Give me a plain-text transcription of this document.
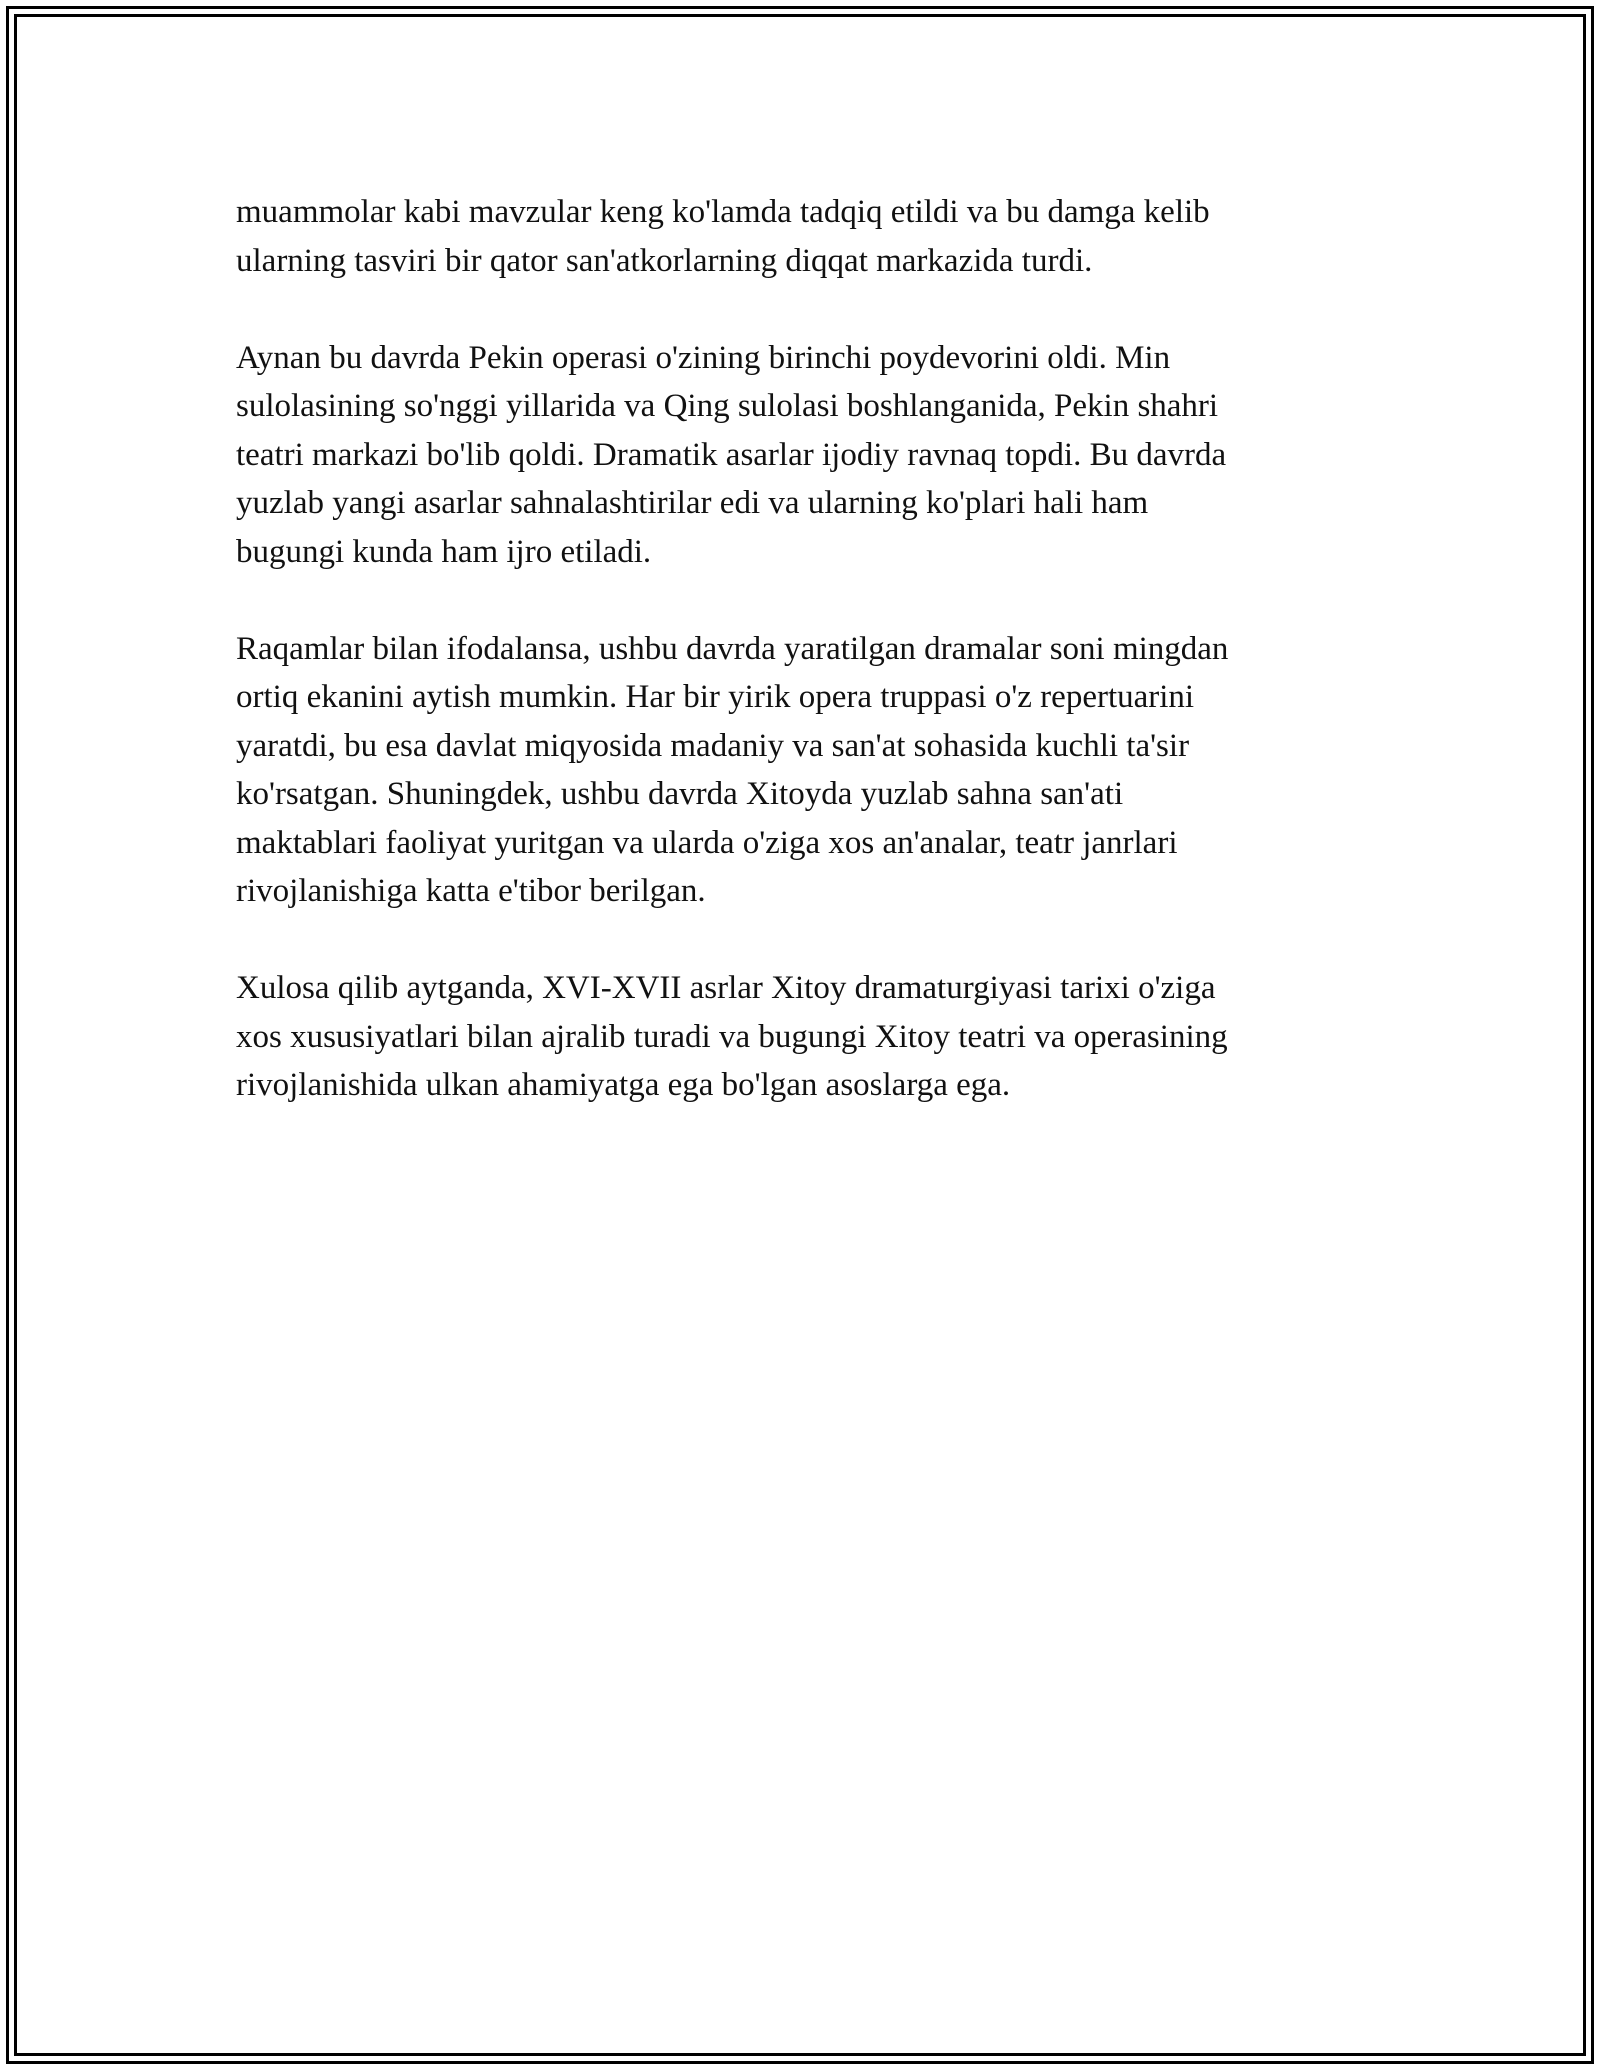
muammolar kabi mavzular keng ko'lamda tadqiq etildi va bu damga kelib
ularning tasviri bir qator san'atkorlarning diqqat markazida turdi.

Aynan bu davrda Pekin operasi o'zining birinchi poydevorini oldi. Min
sulolasining so'nggi yillarida va Qing sulolasi boshlanganida, Pekin shahri
teatri markazi bo'lib qoldi. Dramatik asarlar ijodiy ravnaq topdi. Bu davrda
yuzlab yangi asarlar sahnalashtirilar edi va ularning ko'plari hali ham
bugungi kunda ham ijro etiladi.

Raqamlar bilan ifodalansa, ushbu davrda yaratilgan dramalar soni mingdan
ortiq ekanini aytish mumkin. Har bir yirik opera truppasi o'z repertuarini
yaratdi, bu esa davlat miqyosida madaniy va san'at sohasida kuchli ta'sir
ko'rsatgan. Shuningdek, ushbu davrda Xitoyda yuzlab sahna san'ati
maktablari faoliyat yuritgan va ularda o'ziga xos an'analar, teatr janrlari
rivojlanishiga katta e'tibor berilgan.

Xulosa qilib aytganda, XVI-XVII asrlar Xitoy dramaturgiyasi tarixi o'ziga
xos xususiyatlari bilan ajralib turadi va bugungi Xitoy teatri va operasining
rivojlanishida ulkan ahamiyatga ega bo'lgan asoslarga ega.
